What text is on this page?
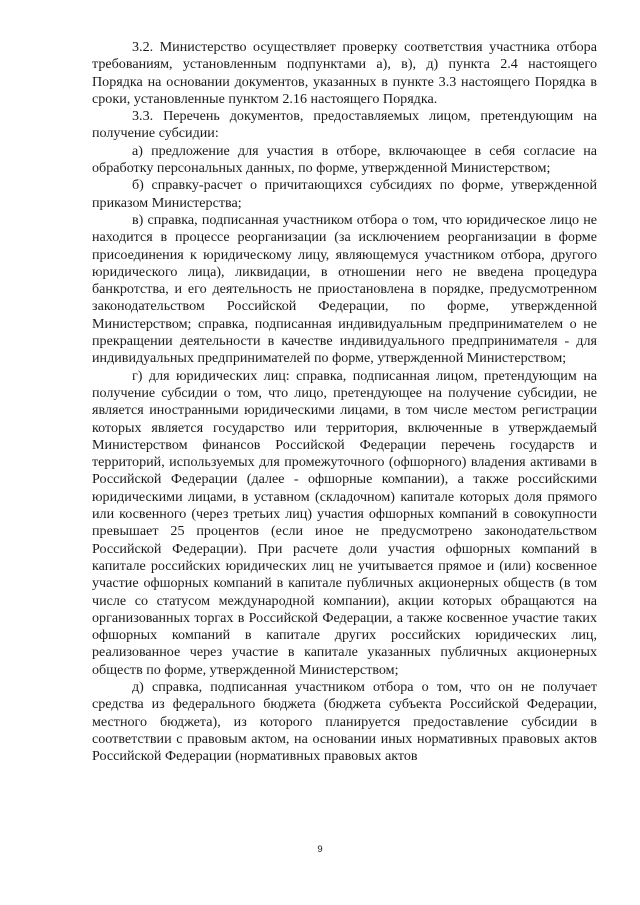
3.2. Министерство осуществляет проверку соответствия участника отбора требованиям, установленным подпунктами а), в), д) пункта 2.4 настоящего Порядка на основании документов, указанных в пункте 3.3 настоящего Порядка в сроки, установленные пунктом 2.16 настоящего Порядка.

3.3. Перечень документов, предоставляемых лицом, претендующим на получение субсидии:

а) предложение для участия в отборе, включающее в себя согласие на обработку персональных данных, по форме, утвержденной Министерством;

б) справку-расчет о причитающихся субсидиях по форме, утвержденной приказом Министерства;

в) справка, подписанная участником отбора о том, что юридическое лицо не находится в процессе реорганизации (за исключением реорганизации в форме присоединения к юридическому лицу, являющемуся участником отбора, другого юридического лица), ликвидации, в отношении него не введена процедура банкротства, и его деятельность не приостановлена в порядке, предусмотренном законодательством Российской Федерации, по форме, утвержденной Министерством; справка, подписанная индивидуальным предпринимателем о не прекращении деятельности в качестве индивидуального предпринимателя - для индивидуальных предпринимателей по форме, утвержденной Министерством;

г) для юридических лиц: справка, подписанная лицом, претендующим на получение субсидии о том, что лицо, претендующее на получение субсидии, не является иностранными юридическими лицами, в том числе местом регистрации которых является государство или территория, включенные в утверждаемый Министерством финансов Российской Федерации перечень государств и территорий, используемых для промежуточного (офшорного) владения активами в Российской Федерации (далее - офшорные компании), а также российскими юридическими лицами, в уставном (складочном) капитале которых доля прямого или косвенного (через третьих лиц) участия офшорных компаний в совокупности превышает 25 процентов (если иное не предусмотрено законодательством Российской Федерации). При расчете доли участия офшорных компаний в капитале российских юридических лиц не учитывается прямое и (или) косвенное участие офшорных компаний в капитале публичных акционерных обществ (в том числе со статусом международной компании), акции которых обращаются на организованных торгах в Российской Федерации, а также косвенное участие таких офшорных компаний в капитале других российских юридических лиц, реализованное через участие в капитале указанных публичных акционерных обществ по форме, утвержденной Министерством;

д) справка, подписанная участником отбора о том, что он не получает средства из федерального бюджета (бюджета субъекта Российской Федерации, местного бюджета), из которого планируется предоставление субсидии в соответствии с правовым актом, на основании иных нормативных правовых актов Российской Федерации (нормативных правовых актов

9
